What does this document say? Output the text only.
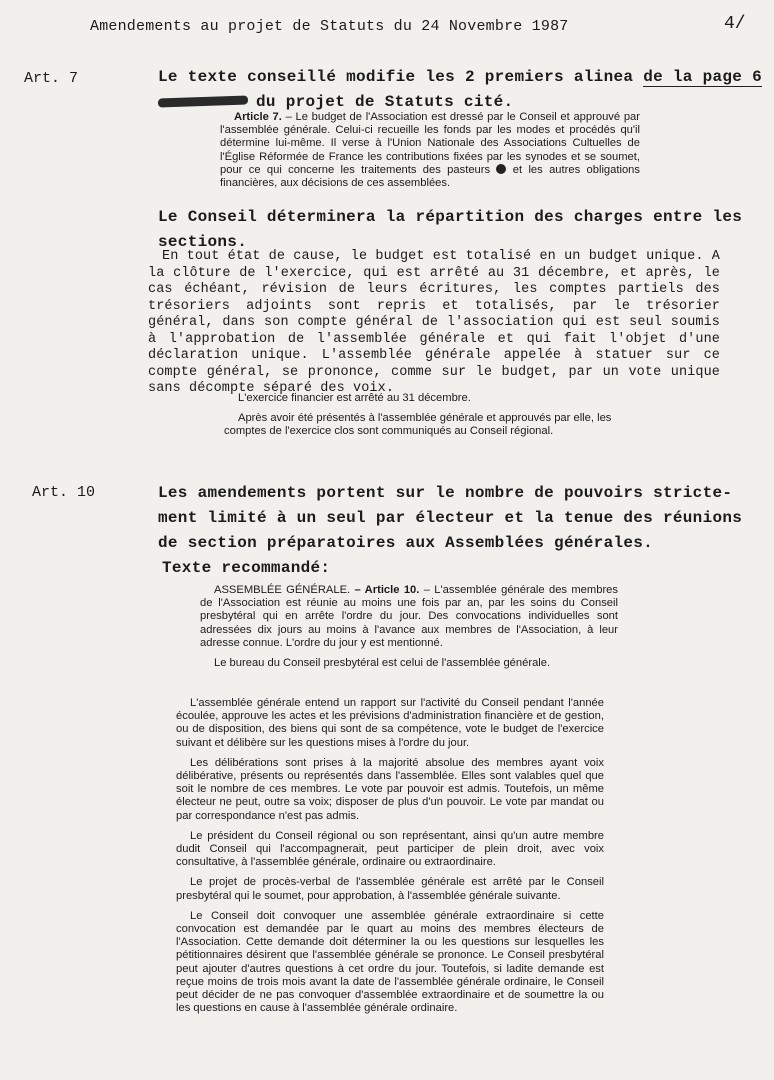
Amendements au projet de Statuts du 24 Novembre 1987	4/
Art. 7	Le texte conseillé modifie les 2 premiers alinea de la page 6
du projet de Statuts cité.

Article 7. – Le budget de l'Association est dressé par le Conseil et approuvé par l'assemblée générale. Celui-ci recueille les fonds par les modes et procédés qu'il détermine lui-même. Il verse à l'Union Nationale des Associations Cultuelles de l'Église Réformée de France les contributions fixées par les synodes et se soumet, pour ce qui concerne les traitements des pasteurs et les autres obligations financières, aux décisions de ces assemblées.

Le Conseil déterminera la répartition des charges entre les
sections.
En tout état de cause, le budget est totalisé en un budget unique. A la clôture de l'exercice, qui est arrêté au 31 décembre, et après, le cas échéant, révision de leurs écritures, les comptes partiels des trésoriers adjoints sont repris et totalisés, par le trésorier général, dans son compte général de l'association qui est seul soumis à l'approbation de l'assemblée générale et qui fait l'objet d'une déclaration unique. L'assemblée générale appelée à statuer sur ce compte général, se prononce, comme sur le budget, par un vote unique sans décompte séparé des voix.

L'exercice financier est arrêté au 31 décembre.

Après avoir été présentés à l'assemblée générale et approuvés par elle, les comptes de l'exercice clos sont communiqués au Conseil régional.

Art. 10	Les amendements portent sur le nombre de pouvoirs stricte-
ment limité à un seul par électeur et la tenue des réunions
de section préparatoires aux Assemblées générales.
Texte recommandé:

ASSEMBLÉE GÉNÉRALE. – Article 10. – L'assemblée générale des membres de l'Association est réunie au moins une fois par an, par les soins du Conseil presbytéral qui en arrête l'ordre du jour. Des convocations individuelles sont adressées dix jours au moins à l'avance aux membres de l'Association, à leur adresse connue. L'ordre du jour y est mentionné.

Le bureau du Conseil presbytéral est celui de l'assemblée générale.

L'assemblée générale entend un rapport sur l'activité du Conseil pendant l'année écoulée, approuve les actes et les prévisions d'administration financière et de gestion, ou de disposition, des biens qui sont de sa compétence, vote le budget de l'exercice suivant et délibère sur les questions mises à l'ordre du jour.

Les délibérations sont prises à la majorité absolue des membres ayant voix délibérative, présents ou représentés dans l'assemblée. Elles sont valables quel que soit le nombre de ces membres. Le vote par pouvoir est admis. Toutefois, un même électeur ne peut, outre sa voix; disposer de plus d'un pouvoir. Le vote par mandat ou par correspondance n'est pas admis.

Le président du Conseil régional ou son représentant, ainsi qu'un autre membre dudit Conseil qui l'accompagnerait, peut participer de plein droit, avec voix consultative, à l'assemblée générale, ordinaire ou extraordinaire.

Le projet de procès-verbal de l'assemblée générale est arrêté par le Conseil presbytéral qui le soumet, pour approbation, à l'assemblée générale suivante.

Le Conseil doit convoquer une assemblée générale extraordinaire si cette convocation est demandée par le quart au moins des membres électeurs de l'Association. Cette demande doit déterminer la ou les questions sur lesquelles les pétitionnaires désirent que l'assemblée générale se prononce. Le Conseil presbytéral peut ajouter d'autres questions à cet ordre du jour. Toutefois, si ladite demande est reçue moins de trois mois avant la date de l'assemblée générale ordinaire, le Conseil peut décider de ne pas convoquer d'assemblée extraordinaire et de soumettre la ou les questions en cause à l'assemblée générale ordinaire.
